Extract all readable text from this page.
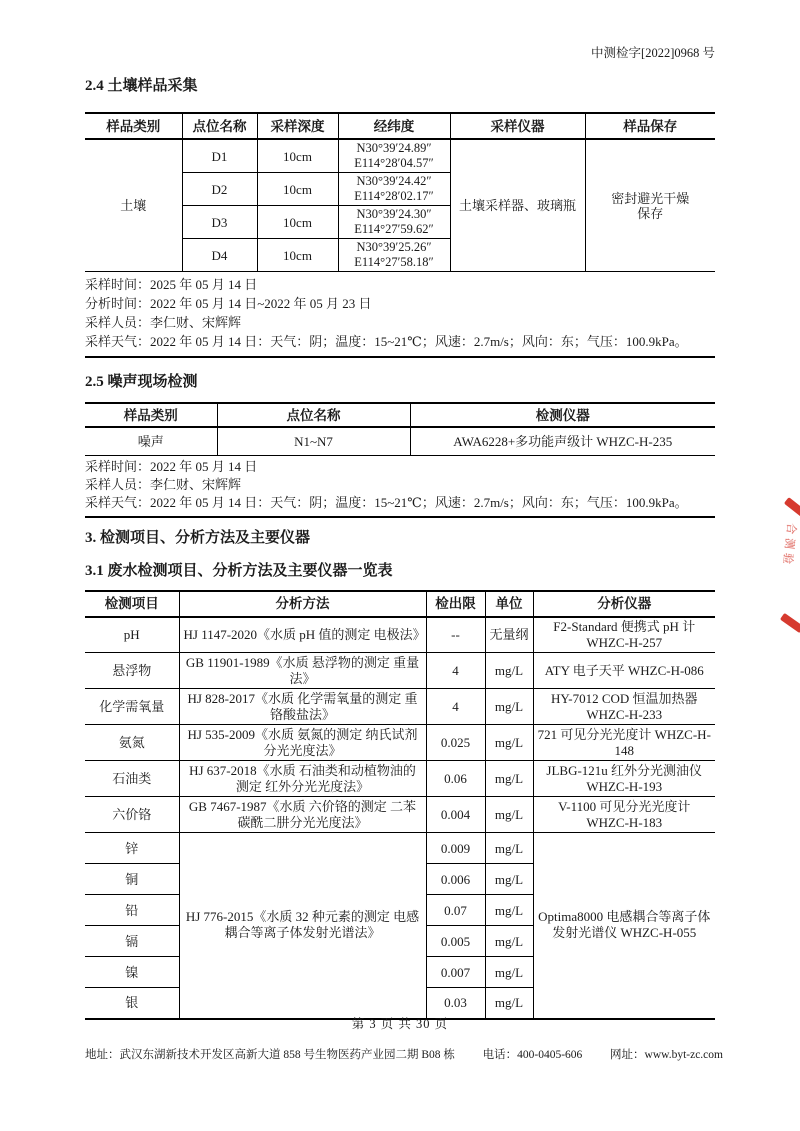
中测检字[2022]0968 号
2.4 土壤样品采集
样品类别	点位名称	采样深度	经纬度	采样仪器	样品保存
土壤	D1	10cm	N30°39′24.89″
E114°28′04.57″	土壤采样器、玻璃瓶	密封避光干燥保存

	D2	10cm	N30°39′24.42″
E114°28′02.17″		

	D3	10cm	N30°39′24.30″
E114°27′59.62″		

	D4	10cm	N30°39′25.26″
E114°27′58.18″		
采样时间：2025 年 05 月 14 日
分析时间：2022 年 05 月 14 日~2022 年 05 月 23 日
采样人员：李仁财、宋辉辉
采样天气：2022 年 05 月 14 日：天气：阴；温度：15~21℃；风速：2.7m/s；风向：东；气压：100.9kPa。
2.5 噪声现场检测
样品类别	点位名称	检测仪器
噪声	N1~N7	AWA6228+多功能声级计 WHZC-H-235
采样时间：2022 年 05 月 14 日
采样人员：李仁财、宋辉辉
采样天气：2022 年 05 月 14 日：天气：阴；温度：15~21℃；风速：2.7m/s；风向：东；气压：100.9kPa。
3. 检测项目、分析方法及主要仪器
3.1 废水检测项目、分析方法及主要仪器一览表
检测项目	分析方法	检出限	单位	分析仪器
pH	HJ 1147-2020《水质 pH 值的测定 电极法》	--	无量纲	F2-Standard 便携式 pH 计 WHZC-H-257
悬浮物	GB 11901-1989《水质 悬浮物的测定 重量法》	4	mg/L	ATY 电子天平 WHZC-H-086
化学需氧量	HJ 828-2017《水质 化学需氧量的测定 重铬酸盐法》	4	mg/L	HY-7012 COD 恒温加热器 WHZC-H-233
氨氮	HJ 535-2009《水质 氨氮的测定 纳氏试剂分光光度法》	0.025	mg/L	721 可见分光光度计 WHZC-H-148
石油类	HJ 637-2018《水质 石油类和动植物油的测定 红外分光光度法》	0.06	mg/L	JLBG-121u 红外分光测油仪 WHZC-H-193
六价铬	GB 7467-1987《水质 六价铬的测定 二苯碳酰二肼分光光度法》	0.004	mg/L	V-1100 可见分光光度计 WHZC-H-183
锌	HJ 776-2015《水质 32 种元素的测定 电感耦合等离子体发射光谱法》	0.009	mg/L	Optima8000 电感耦合等离子体发射光谱仪 WHZC-H-055
铜		0.006	mg/L	
铅		0.07	mg/L	
镉		0.005	mg/L	
镍		0.007	mg/L	
银		0.03	mg/L	
第 3 页 共 30 页
地址：武汉东湖新技术开发区高新大道 858 号生物医药产业园二期 B08 栋 电话：400-0405-606 网址：www.byt-zc.com
合测验
